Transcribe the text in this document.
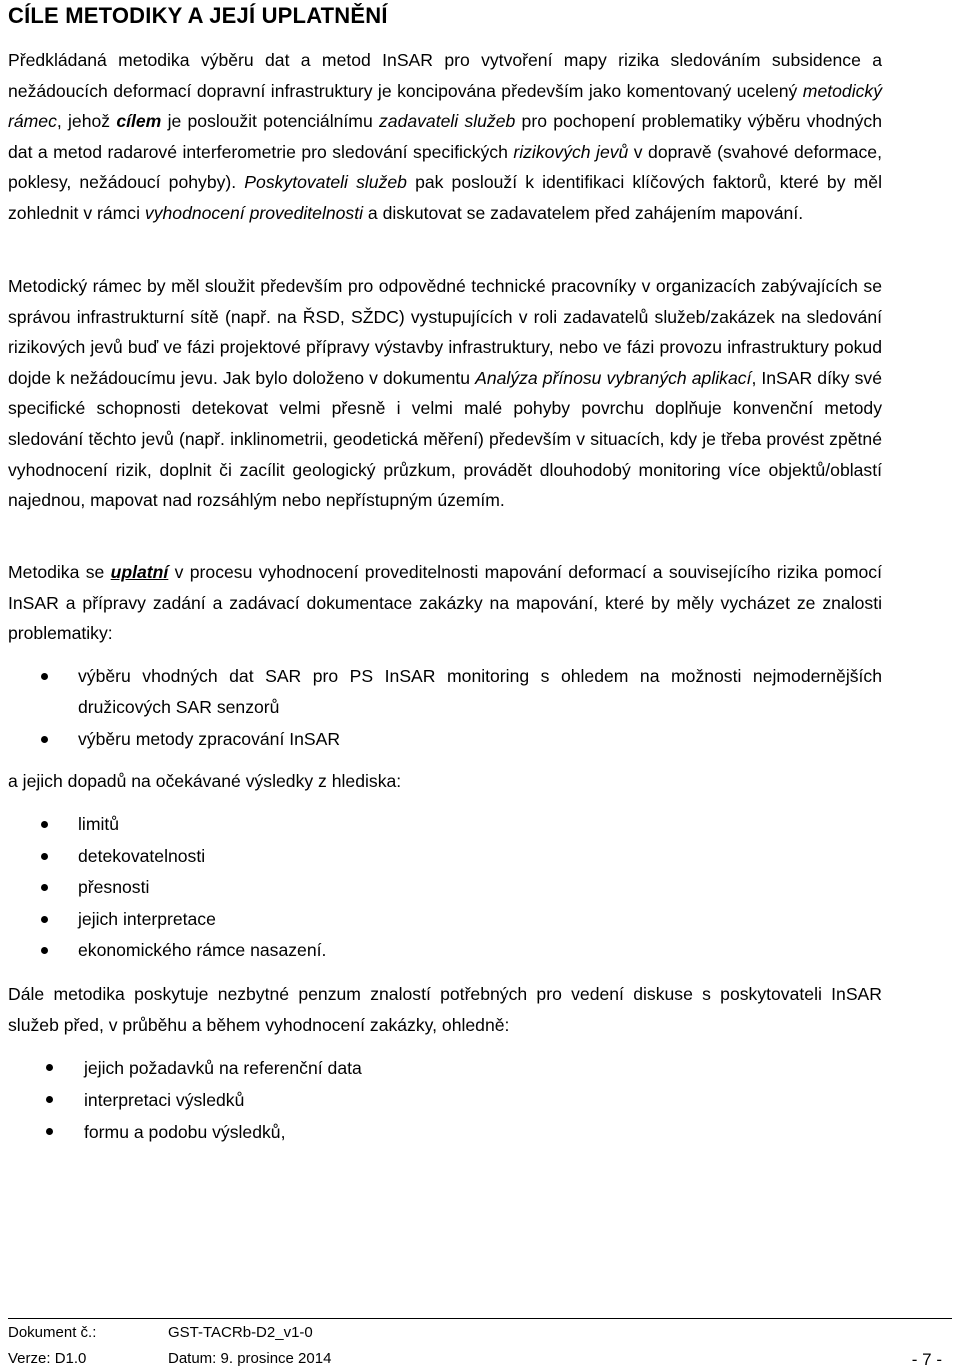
CÍLE METODIKY A JEJÍ UPLATNĚNÍ

Předkládaná metodika výběru dat a metod InSAR pro vytvoření mapy rizika sledováním subsidence a nežádoucích deformací dopravní infrastruktury je koncipována především jako komentovaný ucelený metodický rámec, jehož cílem je posloužit potenciálnímu zadavateli služeb pro pochopení problematiky výběru vhodných dat a metod radarové interferometrie pro sledování specifických rizikových jevů v dopravě (svahové deformace, poklesy, nežádoucí pohyby). Poskytovateli služeb pak poslouží k identifikaci klíčových faktorů, které by měl zohlednit v rámci vyhodnocení proveditelnosti a diskutovat se zadavatelem před zahájením mapování.

Metodický rámec by měl sloužit především pro odpovědné technické pracovníky v organizacích zabývajících se správou infrastrukturní sítě (např. na ŘSD, SŽDC) vystupujících v roli zadavatelů služeb/zakázek na sledování rizikových jevů buď ve fázi projektové přípravy výstavby infrastruktury, nebo ve fázi provozu infrastruktury pokud dojde k nežádoucímu jevu. Jak bylo doloženo v dokumentu Analýza přínosu vybraných aplikací, InSAR díky své specifické schopnosti detekovat velmi přesně i velmi malé pohyby povrchu doplňuje konvenční metody sledování těchto jevů (např. inklinometrii, geodetická měření) především v situacích, kdy je třeba provést zpětné vyhodnocení rizik, doplnit či zacílit geologický průzkum, provádět dlouhodobý monitoring více objektů/oblastí najednou, mapovat nad rozsáhlým nebo nepřístupným územím.

Metodika se uplatní v procesu vyhodnocení proveditelnosti mapování deformací a souvisejícího rizika pomocí InSAR a přípravy zadání a zadávací dokumentace zakázky na mapování, které by měly vycházet ze znalosti problematiky:

výběru vhodných dat SAR pro PS InSAR monitoring s ohledem na možnosti nejmodernějších družicových SAR senzorů
výběru metody zpracování InSAR

a jejich dopadů na očekávané výsledky z hlediska:

limitů
detekovatelnosti
přesnosti
jejich interpretace
ekonomického rámce nasazení.

Dále metodika poskytuje nezbytné penzum znalostí potřebných pro vedení diskuse s poskytovateli InSAR služeb před, v průběhu a během vyhodnocení zakázky, ohledně:

jejich požadavků na referenční data
interpretaci výsledků
formu a podobu výsledků,
Dokument č.:	GST-TACRb-D2_v1-0
Verze: D1.0	Datum: 9. prosince 2014	- 7 -
